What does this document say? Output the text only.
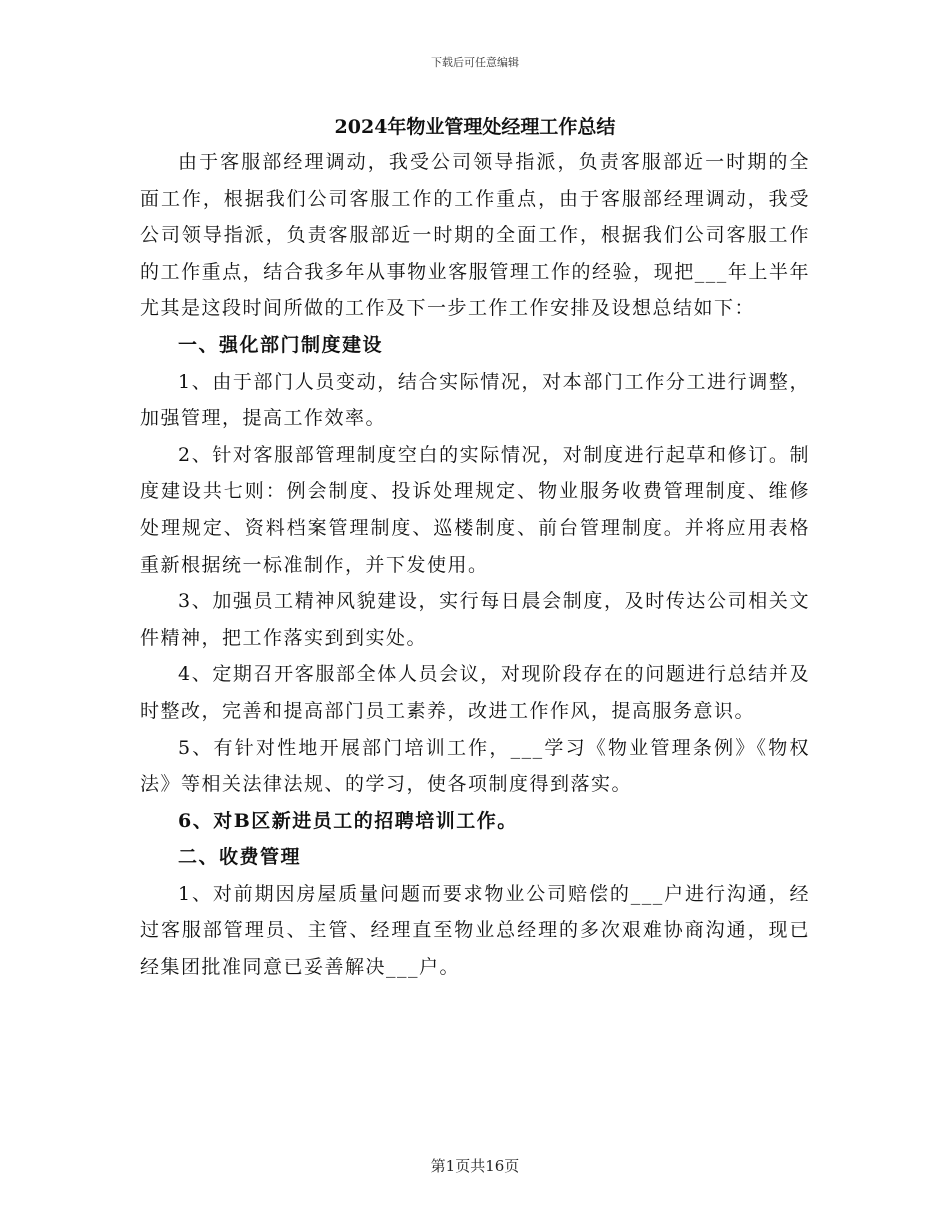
下载后可任意编辑

2024年物业管理处经理工作总结

由于客服部经理调动，我受公司领导指派，负责客服部近一时期的全面工作，根据我们公司客服工作的工作重点，由于客服部经理调动，我受公司领导指派，负责客服部近一时期的全面工作，根据我们公司客服工作的工作重点，结合我多年从事物业客服管理工作的经验，现把___年上半年尤其是这段时间所做的工作及下一步工作工作安排及设想总结如下：

一、强化部门制度建设

1、由于部门人员变动，结合实际情况，对本部门工作分工进行调整，加强管理，提高工作效率。

2、针对客服部管理制度空白的实际情况，对制度进行起草和修订。制度建设共七则：例会制度、投诉处理规定、物业服务收费管理制度、维修处理规定、资料档案管理制度、巡楼制度、前台管理制度。并将应用表格重新根据统一标准制作，并下发使用。

3、加强员工精神风貌建设，实行每日晨会制度，及时传达公司相关文件精神，把工作落实到到实处。

4、定期召开客服部全体人员会议，对现阶段存在的问题进行总结并及时整改，完善和提高部门员工素养，改进工作作风，提高服务意识。

5、有针对性地开展部门培训工作，___学习《物业管理条例》《物权法》等相关法律法规、的学习，使各项制度得到落实。

6、对B区新进员工的招聘培训工作。

二、收费管理

1、对前期因房屋质量问题而要求物业公司赔偿的___户进行沟通，经过客服部管理员、主管、经理直至物业总经理的多次艰难协商沟通，现已经集团批准同意已妥善解决___户。

第1页共16页
